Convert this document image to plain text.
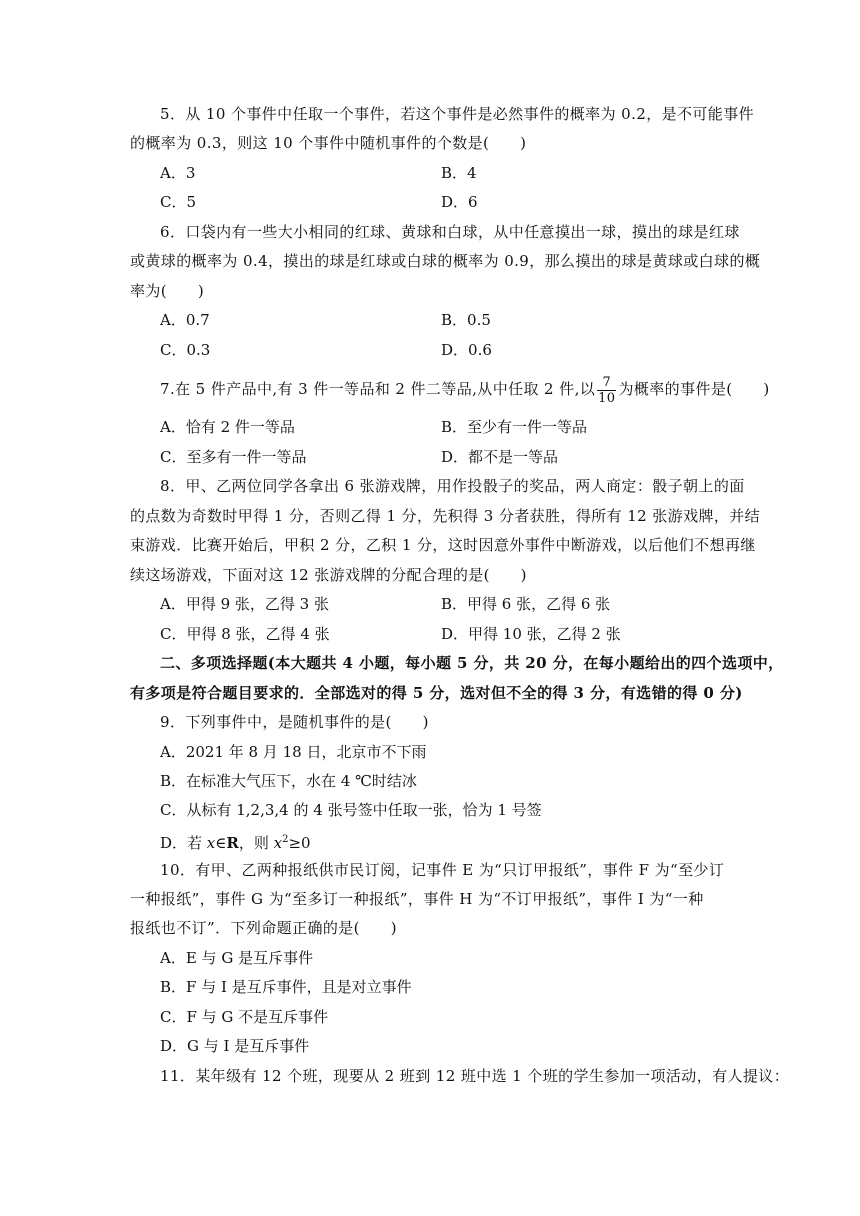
5．从 10 个事件中任取一个事件，若这个事件是必然事件的概率为 0.2，是不可能事件
的概率为 0.3，则这 10 个事件中随机事件的个数是(　　)
A．3	B．4
C．5	D．6
6．口袋内有一些大小相同的红球、黄球和白球，从中任意摸出一球，摸出的球是红球
或黄球的概率为 0.4，摸出的球是红球或白球的概率为 0.9，那么摸出的球是黄球或白球的概
率为(　　)
A．0.7	B．0.5
C．0.3	D．0.6
7.在 5 件产品中,有 3 件一等品和 2 件二等品,从中任取 2 件,以 $\frac{7}{10}$ 为概率的事件是(　　)
A．恰有 2 件一等品	B．至少有一件一等品
C．至多有一件一等品	D．都不是一等品
8．甲、乙两位同学各拿出 6 张游戏牌，用作投骰子的奖品，两人商定：骰子朝上的面
的点数为奇数时甲得 1 分，否则乙得 1 分，先积得 3 分者获胜，得所有 12 张游戏牌，并结
束游戏．比赛开始后，甲积 2 分，乙积 1 分，这时因意外事件中断游戏，以后他们不想再继
续这场游戏，下面对这 12 张游戏牌的分配合理的是(　　)
A．甲得 9 张，乙得 3 张	B．甲得 6 张，乙得 6 张
C．甲得 8 张，乙得 4 张	D．甲得 10 张，乙得 2 张
二、多项选择题(本大题共 4 小题，每小题 5 分，共 20 分，在每小题给出的四个选项中，
有多项是符合题目要求的．全部选对的得 5 分，选对但不全的得 3 分，有选错的得 0 分)
9．下列事件中，是随机事件的是(　　)
A．2021 年 8 月 18 日，北京市不下雨
B．在标准大气压下，水在 4 ℃时结冰
C．从标有 1,2,3,4 的 4 张号签中任取一张，恰为 1 号签
D．若 x∈R，则 $x^2\ge 0$
10．有甲、乙两种报纸供市民订阅，记事件 E 为“只订甲报纸”，事件 F 为“至少订
一种报纸”，事件 G 为“至多订一种报纸”，事件 H 为“不订甲报纸”，事件 I 为“一种
报纸也不订”．下列命题正确的是(　　)
A．E 与 G 是互斥事件
B．F 与 I 是互斥事件，且是对立事件
C．F 与 G 不是互斥事件
D．G 与 I 是互斥事件
11．某年级有 12 个班，现要从 2 班到 12 班中选 1 个班的学生参加一项活动，有人提议：
